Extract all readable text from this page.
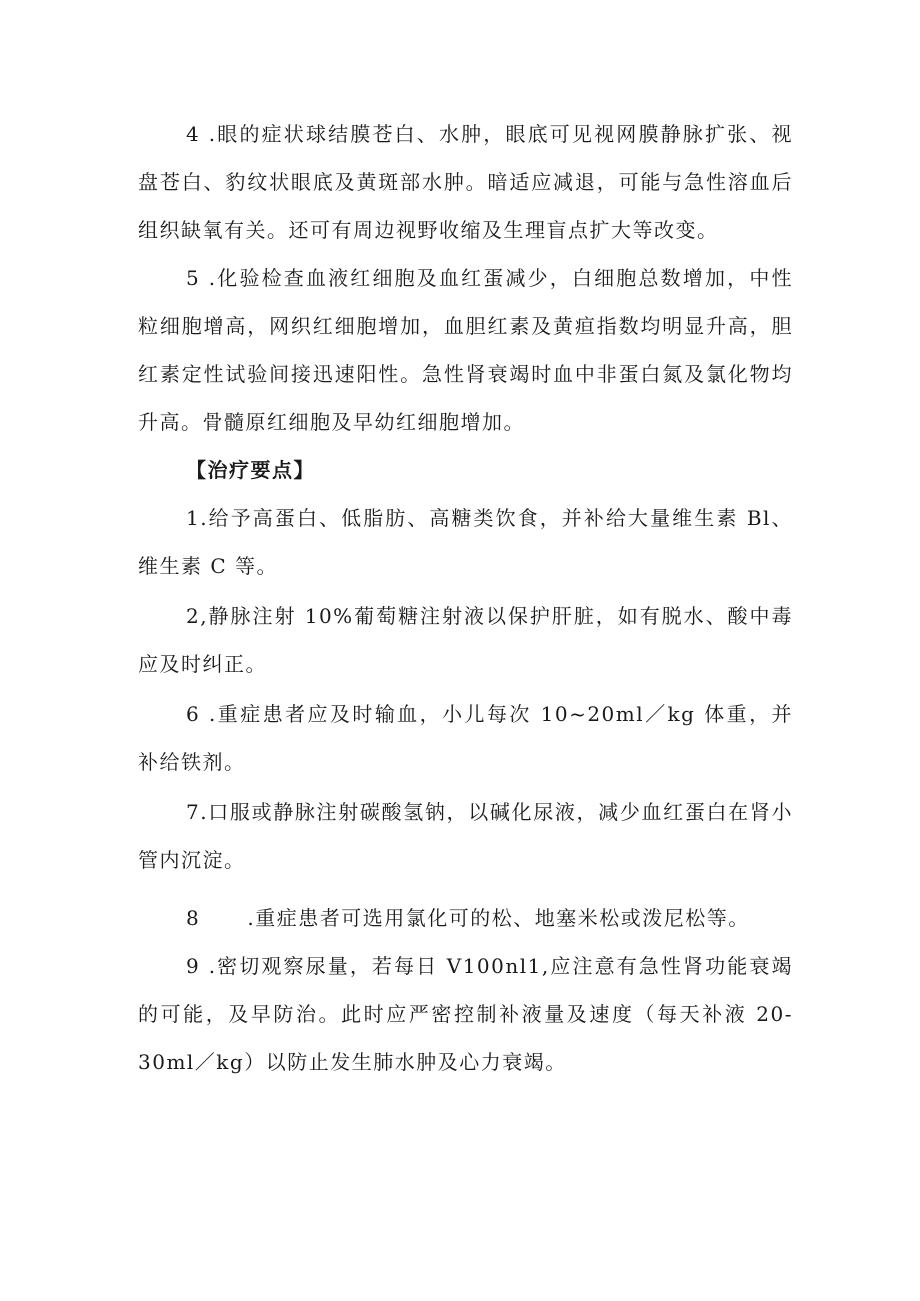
4 .眼的症状球结膜苍白、水肿，眼底可见视网膜静脉扩张、视盘苍白、豹纹状眼底及黄斑部水肿。暗适应减退，可能与急性溶血后组织缺氧有关。还可有周边视野收缩及生理盲点扩大等改变。

5 .化验检查血液红细胞及血红蛋减少，白细胞总数增加，中性粒细胞增高，网织红细胞增加，血胆红素及黄疸指数均明显升高，胆红素定性试验间接迅速阳性。急性肾衰竭时血中非蛋白氮及氯化物均升高。骨髓原红细胞及早幼红细胞增加。

【治疗要点】

1.给予高蛋白、低脂肪、高糖类饮食，并补给大量维生素 Bl、维生素 C 等。

2,静脉注射 10%葡萄糖注射液以保护肝脏，如有脱水、酸中毒应及时纠正。

6 .重症患者应及时输血，小儿每次 10~20ml／kg 体重，并补给铁剂。

7.口服或静脉注射碳酸氢钠，以碱化尿液，减少血红蛋白在肾小管内沉淀。

8      .重症患者可选用氯化可的松、地塞米松或泼尼松等。

9 .密切观察尿量，若每日 V100nl1,应注意有急性肾功能衰竭的可能，及早防治。此时应严密控制补液量及速度（每天补液 20-30ml／kg）以防止发生肺水肿及心力衰竭。
